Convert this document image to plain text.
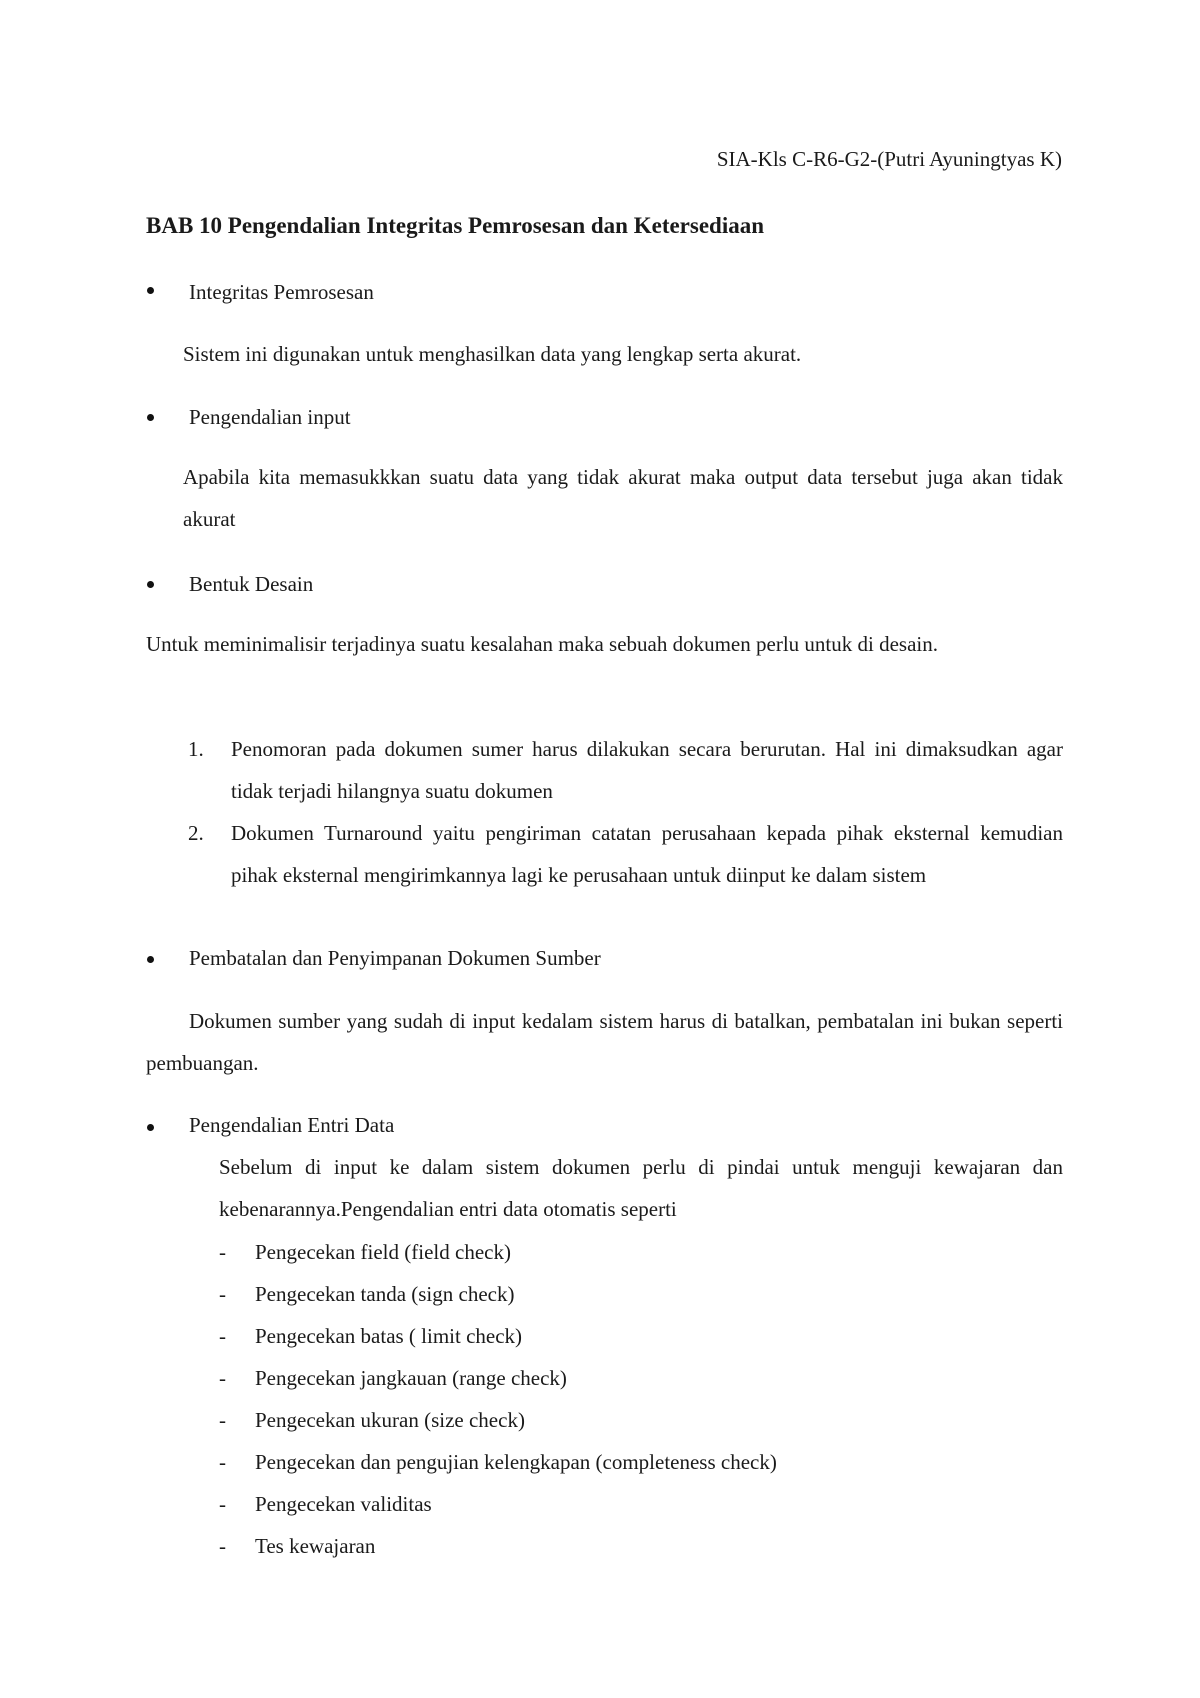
SIA-Kls C-R6-G2-(Putri Ayuningtyas K)
BAB 10 Pengendalian Integritas Pemrosesan dan Ketersediaan
Integritas Pemrosesan
Sistem ini digunakan untuk menghasilkan data yang lengkap serta akurat.
Pengendalian input
Apabila kita memasukkkan suatu data yang tidak akurat maka output data tersebut juga akan tidak akurat
Bentuk Desain
Untuk meminimalisir terjadinya suatu kesalahan maka sebuah dokumen perlu untuk di desain.
1. Penomoran pada dokumen sumer harus dilakukan secara berurutan. Hal ini dimaksudkan agar tidak terjadi hilangnya suatu dokumen
2. Dokumen Turnaround yaitu pengiriman catatan perusahaan kepada pihak eksternal kemudian pihak eksternal mengirimkannya lagi ke perusahaan untuk diinput ke dalam sistem
Pembatalan dan Penyimpanan Dokumen Sumber
Dokumen sumber yang sudah di input kedalam sistem harus di batalkan, pembatalan ini bukan seperti pembuangan.
Pengendalian Entri Data
Sebelum di input ke dalam sistem dokumen perlu di pindai untuk menguji kewajaran dan kebenarannya.Pengendalian entri data otomatis seperti
- Pengecekan field (field check)
- Pengecekan tanda (sign check)
- Pengecekan batas ( limit check)
- Pengecekan jangkauan (range check)
- Pengecekan ukuran (size check)
- Pengecekan dan pengujian kelengkapan (completeness check)
- Pengecekan validitas
- Tes kewajaran
